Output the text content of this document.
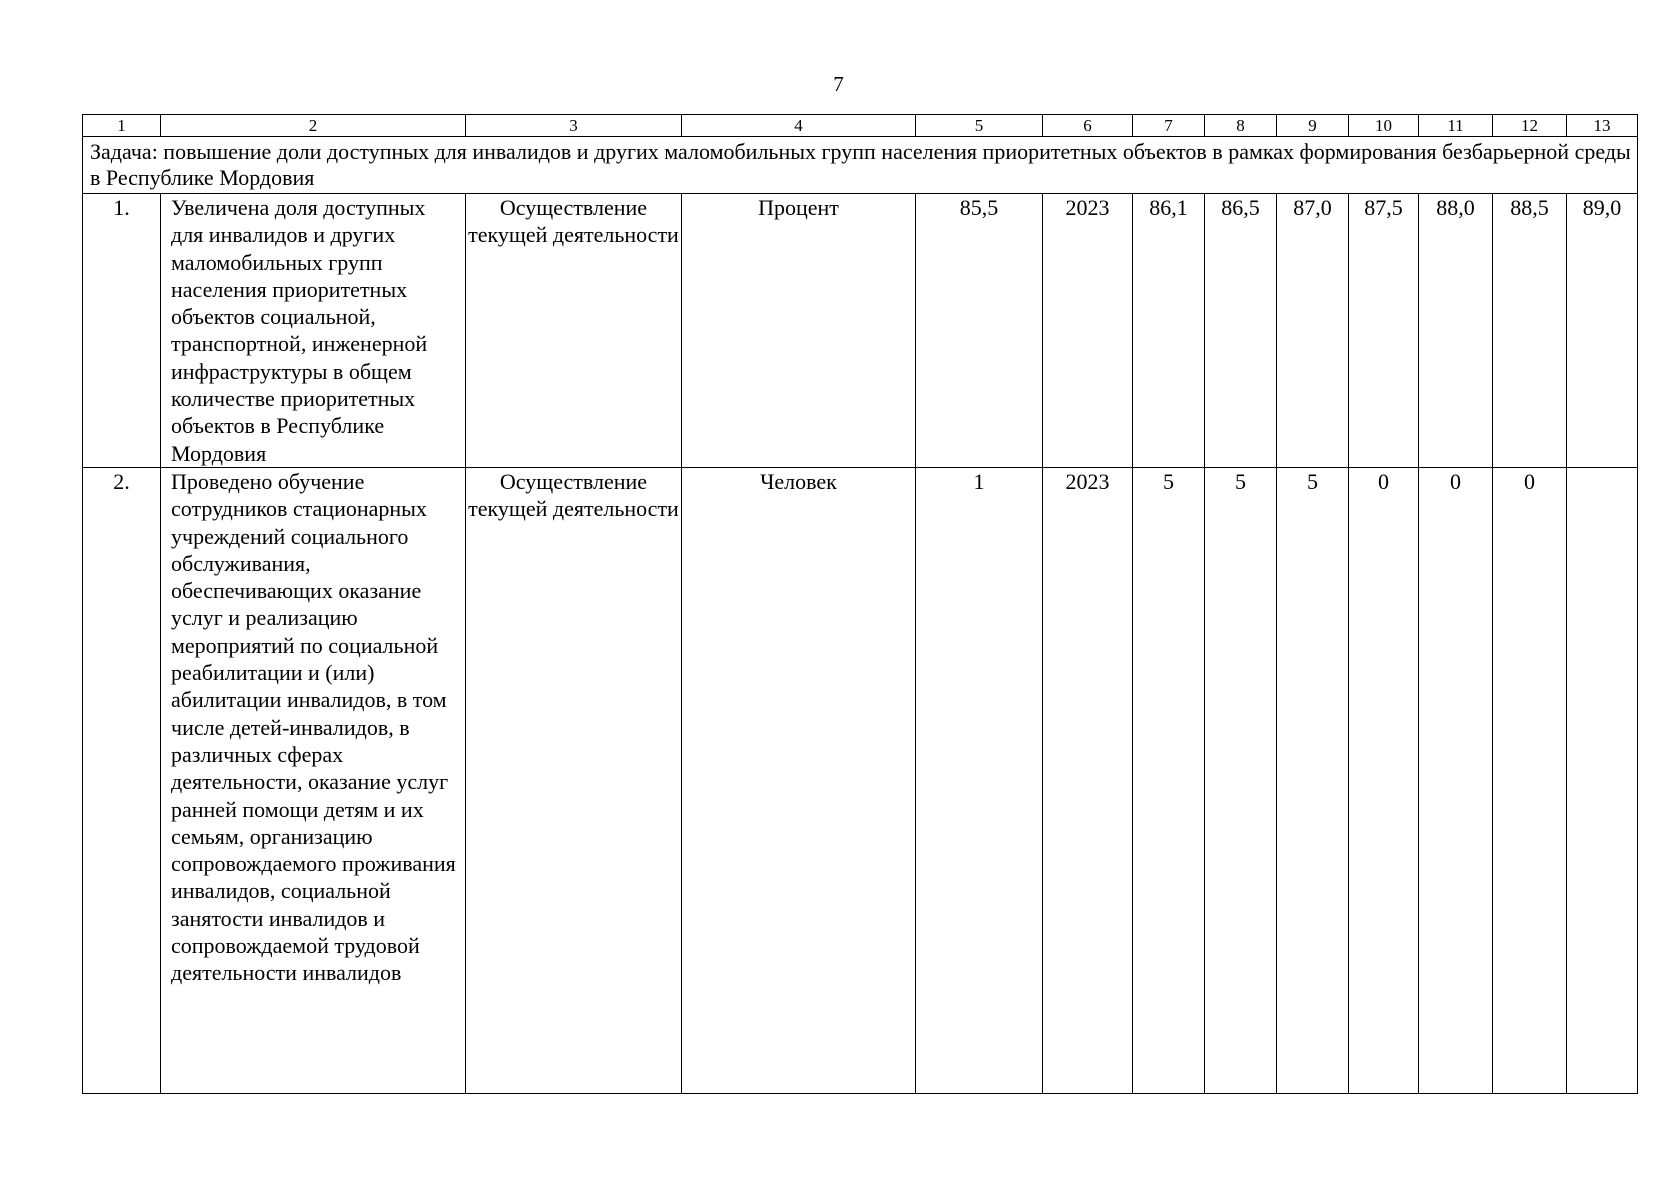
7
1	2	3	4	5	6	7	8	9	10	11	12	13
Задача: повышение доли доступных для инвалидов и других маломобильных групп населения приоритетных объектов в рамках формирования безбарьерной среды в Республике Мордовия												
1.	Увеличена доля доступных для инвалидов и других маломобильных групп населения приоритетных объектов социальной, транспортной, инженерной инфраструктуры в общем количестве приоритетных объектов в Республике Мордовия	Осуществление текущей деятельности	Процент	85,5	2023	86,1	86,5	87,0	87,5	88,0	88,5	89,0
2.	Проведено обучение сотрудников стационарных учреждений социального обслуживания, обеспечивающих оказание услуг и реализацию мероприятий по социальной реабилитации и (или) абилитации инвалидов, в том числе детей-инвалидов, в различных сферах деятельности, оказание услуг ранней помощи детям и их семьям, организацию сопровождаемого проживания инвалидов, социальной занятости инвалидов и сопровождаемой трудовой деятельности инвалидов	Осуществление текущей деятельности	Человек	1	2023	5	5	5	0	0	0	
